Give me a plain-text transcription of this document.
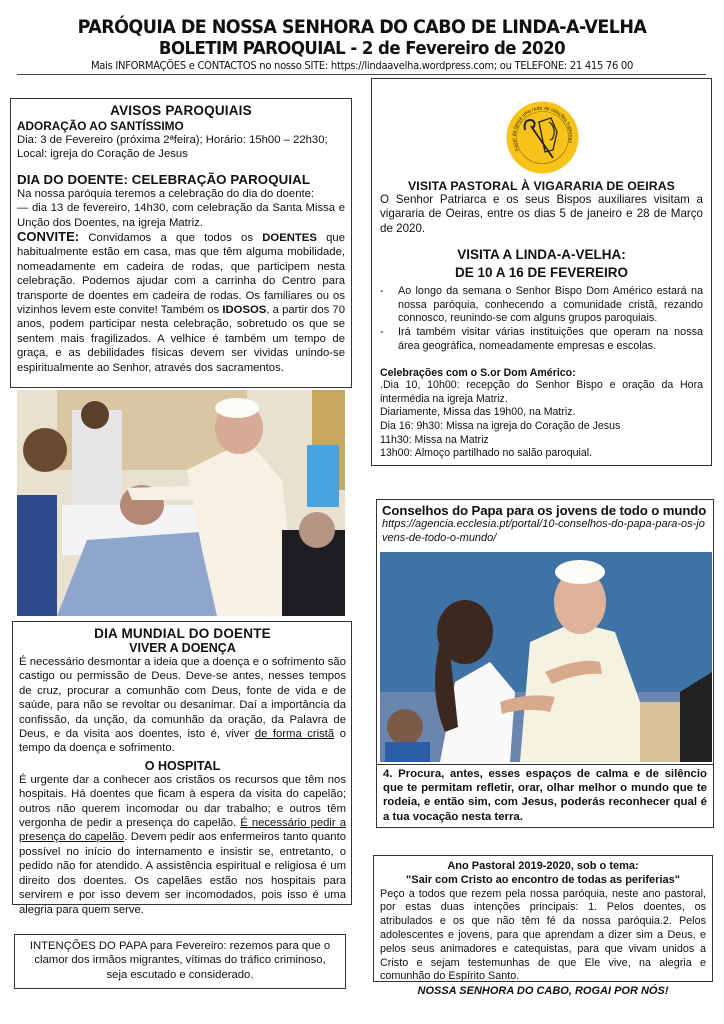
PARÓQUIA DE NOSSA SENHORA DO CABO DE LINDA-A-VELHA
BOLETIM PAROQUIAL - 2 de Fevereiro de 2020
Mais INFORMAÇÕES e CONTACTOS no nosso SITE: https://lindaavelha.wordpress.com; ou TELEFONE: 21 415 76 00
AVISOS PAROQUIAIS
ADORAÇÃO AO SANTÍSSIMO
Dia: 3 de Fevereiro (próxima 2ªfeira); Horário: 15h00 – 22h30;
Local: igreja do Coração de Jesus
DIA DO DOENTE: CELEBRAÇÃO PAROQUIAL
Na nossa paróquia teremos a celebração do dia do doente:
— dia 13 de fevereiro, 14h30, com celebração da Santa Missa e Unção dos Doentes, na igreja Matriz.
CONVITE: Convidamos a que todos os DOENTES que habitualmente estão em casa, mas que têm alguma mobilidade, nomeadamente em cadeira de rodas, que participem nesta celebração. Podemos ajudar com a carrinha do Centro para transporte de doentes em cadeira de rodas. Os familiares ou os vizinhos levem este convite! Também os IDOSOS, a partir dos 70 anos, podem participar nesta celebração, sobretudo os que se sentem mais fragilizados. A velhice é também um tempo de graça, e as debilidades físicas devem ser vividas unindo-se espiritualmente ao Senhor, através dos sacramentos.
DIA MUNDIAL DO DOENTE
VIVER A DOENÇA
É necessário desmontar a ideia que a doença e o sofrimento são castigo ou permissão de Deus. Deve-se antes, nesses tempos de cruz, procurar a comunhão com Deus, fonte de vida e de saúde, para não se revoltar ou desanimar. Daí a importância da confissão, da unção, da comunhão da oração, da Palavra de Deus, e da visita aos doentes, isto é, viver de forma cristã o tempo da doença e sofrimento.
O HOSPITAL
É urgente dar a conhecer aos cristãos os recursos que têm nos hospitais. Há doentes que ficam à espera da visita do capelão; outros não querem incomodar ou dar trabalho; e outros têm vergonha de pedir a presença do capelão. É necessário pedir a presença do capelão. Devem pedir aos enfermeiros tanto quanto possível no início do internamento e insistir se, entretanto, o pedido não for atendido. A assistência espiritual e religiosa é um direito dos doentes. Os capelães estão nos hospitais para servirem e por isso devem ser incomodados, pois isso é uma alegria para quem serve.
INTENÇÕES DO PAPA para Fevereiro: rezemos para que o clamor dos irmãos migrantes, vítimas do tráfico criminoso, seja escutado e considerado.
Fazer da Igreja uma rede de relações fraternas
VISITA PASTORAL À VIGARARIA DE OEIRAS
O Senhor Patriarca e os seus Bispos auxiliares visitam a vigararia de Oeiras, entre os dias 5 de janeiro e 28 de Março de 2020.
VISITA A LINDA-A-VELHA:
DE 10 A 16 DE FEVEREIRO
-	Ao longo da semana o Senhor Bispo Dom Américo estará na nossa paróquia, conhecendo a comunidade cristã, rezando connosco, reunindo-se com alguns grupos paroquiais.
-	Irá também visitar várias instituições que operam na nossa área geográfica, nomeadamente empresas e escolas.
Celebrações com o S.or Dom Américo:
.Dia 10, 10h00: recepção do Senhor Bispo e oração da Hora intermédia na igreja Matriz.
Diariamente, Missa das 19h00, na Matriz.
Dia 16: 9h30: Missa na igreja do Coração de Jesus
11h30: Missa na Matriz
13h00: Almoço partilhado no salão paroquial.
Conselhos do Papa para os jovens de todo o mundo
https://agencia.ecclesia.pt/portal/10-conselhos-do-papa-para-os-jovens-de-todo-o-mundo/
4. Procura, antes, esses espaços de calma e de silêncio que te permitam refletir, orar, olhar melhor o mundo que te rodeia, e então sim, com Jesus, poderás reconhecer qual é a tua vocação nesta terra.
Ano Pastoral 2019-2020, sob o tema:
"Sair com Cristo ao encontro de todas as periferias"
Peço a todos que rezem pela nossa paróquia, neste ano pastoral, por estas duas intenções principais: 1. Pelos doentes, os atribulados e os que não têm fé da nossa paróquia.2. Pelos adolescentes e jovens, para que aprendam a dizer sim a Deus, e pelos seus animadores e catequistas, para que vivam unidos a Cristo e sejam testemunhas de que Ele vive, na alegria e comunhão do Espírito Santo.
NOSSA SENHORA DO CABO, ROGAI POR NÓS!
